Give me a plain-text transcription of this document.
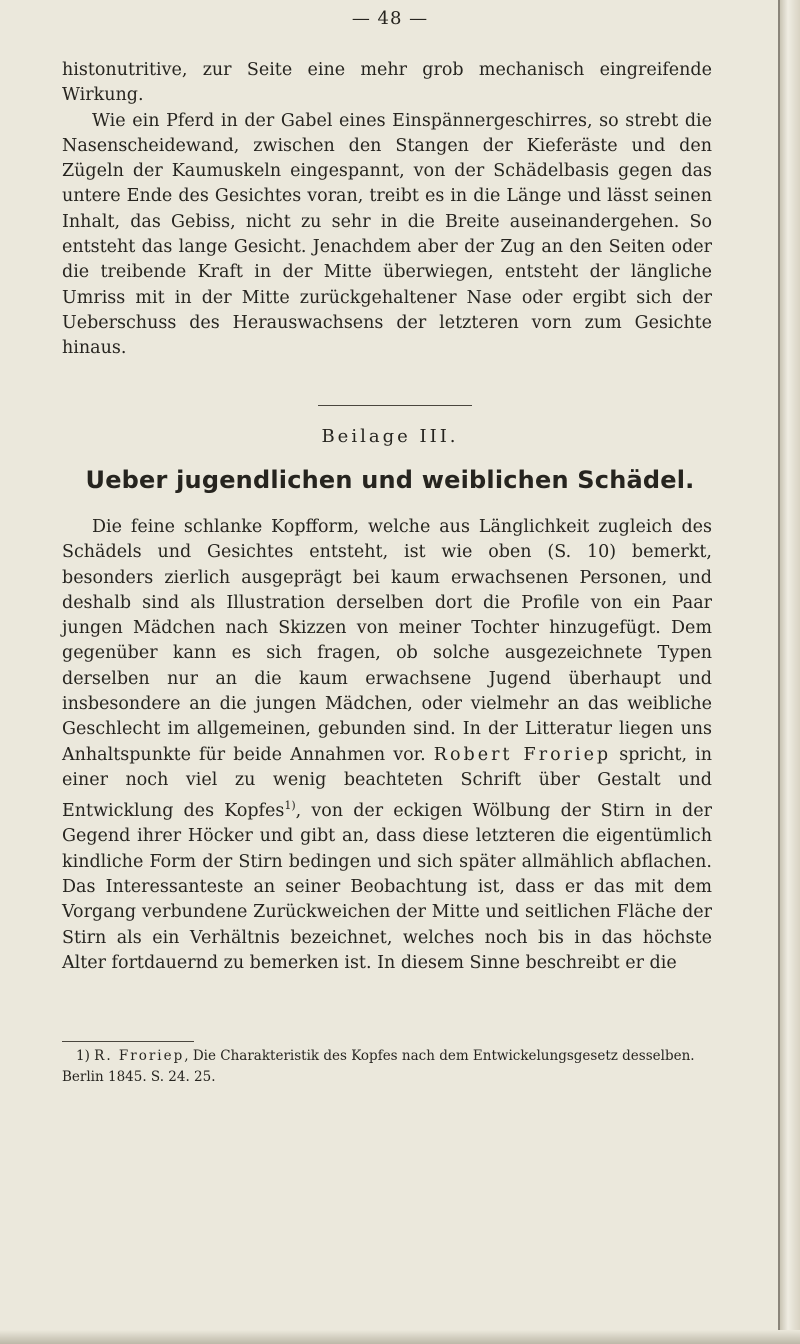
— 48 —

histonutritive, zur Seite eine mehr grob mechanisch eingreifende Wirkung.

Wie ein Pferd in der Gabel eines Einspännergeschirres, so strebt die Nasenscheidewand, zwischen den Stangen der Kieferäste und den Zügeln der Kaumuskeln eingespannt, von der Schädelbasis gegen das untere Ende des Gesichtes voran, treibt es in die Länge und lässt seinen Inhalt, das Gebiss, nicht zu sehr in die Breite auseinandergehen. So entsteht das lange Gesicht. Jenachdem aber der Zug an den Seiten oder die treibende Kraft in der Mitte überwiegen, entsteht der längliche Umriss mit in der Mitte zurückgehaltener Nase oder ergibt sich der Ueberschuss des Herauswachsens der letzteren vorn zum Gesichte hinaus.

Beilage III.
Ueber jugendlichen und weiblichen Schädel.

Die feine schlanke Kopfform, welche aus Länglichkeit zugleich des Schädels und Gesichtes entsteht, ist wie oben (S. 10) bemerkt, besonders zierlich ausgeprägt bei kaum erwachsenen Personen, und deshalb sind als Illustration derselben dort die Profile von ein Paar jungen Mädchen nach Skizzen von meiner Tochter hinzugefügt. Dem gegenüber kann es sich fragen, ob solche ausgezeichnete Typen derselben nur an die kaum erwachsene Jugend überhaupt und insbesondere an die jungen Mädchen, oder vielmehr an das weibliche Geschlecht im allgemeinen, gebunden sind. In der Litteratur liegen uns Anhaltspunkte für beide Annahmen vor. Robert Froriep spricht, in einer noch viel zu wenig beachteten Schrift über Gestalt und Entwicklung des Kopfes$^{1)}$, von der eckigen Wölbung der Stirn in der Gegend ihrer Höcker und gibt an, dass diese letzteren die eigentümlich kindliche Form der Stirn bedingen und sich später allmählich abflachen. Das Interessanteste an seiner Beobachtung ist, dass er das mit dem Vorgang verbundene Zurückweichen der Mitte und seitlichen Fläche der Stirn als ein Verhältnis bezeichnet, welches noch bis in das höchste Alter fortdauernd zu bemerken ist. In diesem Sinne beschreibt er die

1) R. Froriep, Die Charakteristik des Kopfes nach dem Entwickelungsgesetz desselben. Berlin 1845. S. 24. 25.
